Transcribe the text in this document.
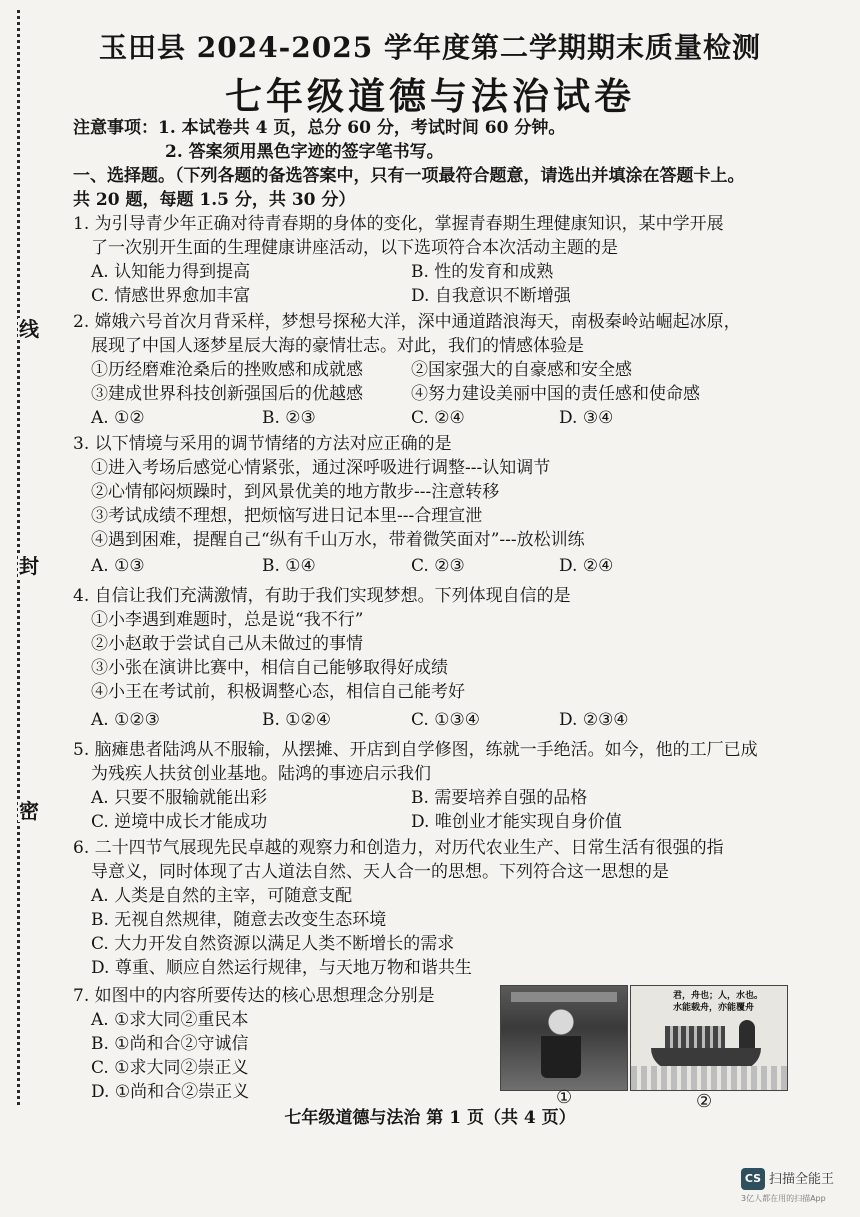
线
封
密
玉田县 2024-2025 学年度第二学期期末质量检测
七年级道德与法治试卷
注意事项：1. 本试卷共 4 页，总分 60 分，考试时间 60 分钟。
2. 答案须用黑色字迹的签字笔书写。
一、选择题。（下列各题的备选答案中，只有一项最符合题意，请选出并填涂在答题卡上。
共 20 题，每题 1.5 分，共 30 分）
1. 为引导青少年正确对待青春期的身体的变化，掌握青春期生理健康知识，某中学开展
了一次别开生面的生理健康讲座活动，以下选项符合本次活动主题的是
A. 认知能力得到提高	B. 性的发育和成熟
C. 情感世界愈加丰富	D. 自我意识不断增强
2. 嫦娥六号首次月背采样，梦想号探秘大洋，深中通道踏浪海天，南极秦岭站崛起冰原，
展现了中国人逐梦星辰大海的豪情壮志。对此，我们的情感体验是
①历经磨难沧桑后的挫败感和成就感	②国家强大的自豪感和安全感
③建成世界科技创新强国后的优越感	④努力建设美丽中国的责任感和使命感
A. ①②	B. ②③	C. ②④	D. ③④
3. 以下情境与采用的调节情绪的方法对应正确的是
①进入考场后感觉心情紧张，通过深呼吸进行调整---认知调节
②心情郁闷烦躁时，到风景优美的地方散步---注意转移
③考试成绩不理想，把烦恼写进日记本里---合理宣泄
④遇到困难，提醒自己“纵有千山万水，带着微笑面对”---放松训练
A. ①③	B. ①④	C. ②③	D. ②④
4. 自信让我们充满激情，有助于我们实现梦想。下列体现自信的是
①小李遇到难题时，总是说“我不行”
②小赵敢于尝试自己从未做过的事情
③小张在演讲比赛中，相信自己能够取得好成绩
④小王在考试前，积极调整心态，相信自己能考好
A. ①②③	B. ①②④	C. ①③④	D. ②③④
5. 脑瘫患者陆鸿从不服输，从摆摊、开店到自学修图，练就一手绝活。如今，他的工厂已成
为残疾人扶贫创业基地。陆鸿的事迹启示我们
A. 只要不服输就能出彩	B. 需要培养自强的品格
C. 逆境中成长才能成功	D. 唯创业才能实现自身价值
6. 二十四节气展现先民卓越的观察力和创造力，对历代农业生产、日常生活有很强的指
导意义，同时体现了古人道法自然、天人合一的思想。下列符合这一思想的是
A. 人类是自然的主宰，可随意支配
B. 无视自然规律，随意去改变生态环境
C. 大力开发自然资源以满足人类不断增长的需求
D. 尊重、顺应自然运行规律，与天地万物和谐共生
7. 如图中的内容所要传达的核心思想理念分别是
A. ①求大同②重民本
B. ①尚和合②守诚信
C. ①求大同②崇正义
D. ①尚和合②崇正义
君，舟也；人，水也。
水能载舟，亦能覆舟
①	②
七年级道德与法治 第 1 页（共 4 页）
CS 扫描全能王
3亿人都在用的扫描App
